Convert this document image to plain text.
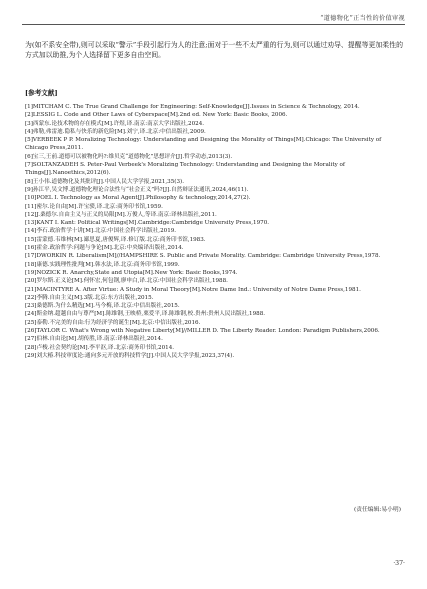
“道德物化”正当性的价值审视

为(如不系安全带),则可以采取“警示”手段引起行为人的注意;面对于一些不太严重的行为,则可以通过劝导、提醒等更加柔性的方式加以助推,为个人选择留下更多自由空间。

[参考文献]
[1]MITCHAM C. The True Grand Challenge for Engineering: Self-Knowledge[J].Issues in Science & Technology, 2014.
[2]LESSIG L. Code and Other Laws of Cyberspace[M].2nd ed. New York: Basic Books, 2006.
[3]西蒙东.论技术物的存在模式[M].许煜,译.南京:南京大学出版社,2024.
[4]弗勒,弗雷迪.隐私与快乐的新危险[M].刘宁,译.北京:中信出版社,2009.
[5]VERBEEK P P. Moralizing Technology: Understanding and Designing the Morality of Things[M].Chicago: The University of Chicago Press,2011.
[6]宝三,王前.道德可以被物化吗?:维贝克“道德物化”思想评介[J].哲学动态,2013(3).
[7]SOLTANZADEH S. Peter-Paul Verbeek's Moralizing Technology: Understanding and Designing the Morality of Things[J].Nanoethics,2012(6).
[8]王小伟.道德物化及其批评[J].中国人民大学学报,2021,35(3).
[9]孙江平,吴文博.道德物化理论合法性与“社会正义”吗?[J].自然辩证法通讯,2024,46(11).
[10]POEL I. Technology as Moral Agent[J].Philosophy & technology,2014,27(2).
[11]密尔.论自由[M].许宝骙,译.北京:商务印书馆,1959.
[12]J.桑德尔.自由主义与正义的局限[M].万俊人,等译.南京:译林出版社,2011.
[13]KANT I. Kant: Political Writings[M].Cambridge:Cambridge University Press,1970.
[14]李石.政治哲学十讲[M].北京:中国社会科学出版社,2019.
[15]雷蒙德.韦维林[M].鄙思夏,唐俊辉,译.修订版.北京:商务印书馆,1983.
[16]霍金.政治哲学:问题与争论[M].北京:中央编译出版社,2014.
[17]DWORKIN R. Liberalism[M]//HAMPSHIRE S. Public and Private Morality. Cambridge: Cambridge University Press,1978.
[18]康德.实践理性批判[M].韩水法,译.北京:商务印书馆,1999.
[19]NOZICK R. Anarchy,State and Utopia[M].New York: Basic Books,1974.
[20]罗尔斯.正义论[M].何怀宏,何包钢,廖申白,译.北京:中国社会科学出版社,1988.
[21]MACINTYRE A. After Virtue: A Study in Moral Theory[M].Notre Dame Ind.: University of Notre Dame Press,1981.
[22]李腾.自由主义[M].3版.北京:东方出版社,2015.
[23]桑德斯.为什么精选[M].马今梅,译.北京:中信出版社,2015.
[24]斯金纳.超越自由与尊严[M].陈维钢,王映桥,栗爱平,译.陈维钢,校.贵州:贵州人民出版社,1988.
[25]泰勒.不完美的自由:行为经济学的诞生[M].北京:中信出版社,2016.
[26]TAYLOR C. What's Wrong with Negative Liberty[M]//MILLER D. The Liberty Reader. London: Paradigm Publishers,2006.
[27]伯林.自由论[M].胡传胜,译.南京:译林出版社,2014.
[28]卢梭.社会契约论[M].李平沤,译.北京:商务印书馆,2014.
[29]刘大椿.科技审度论:通向多元开放的科技哲学[J].中国人民大学学报,2023,37(4).
(责任编辑:易小明)
·37·
